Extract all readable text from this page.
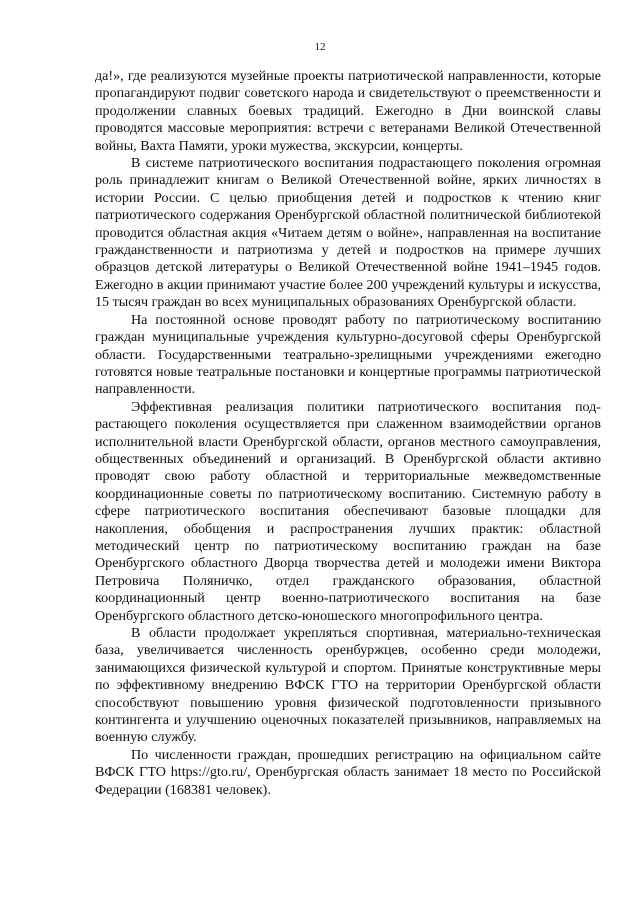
12

да!», где реализуются музейные проекты патриотической направленности, которые пропагандируют подвиг советского народа и свидетельствуют о преемственности и продолжении славных боевых традиций. Ежегодно в Дни воинской славы проводятся массовые мероприятия: встречи с ветеранами Великой Отечественной войны, Вахта Памяти, уроки мужества, экскурсии, концерты.

В системе патриотического воспитания подрастающего поколения огромная роль принадлежит книгам о Великой Отечественной войне, ярких личностях в истории России. С целью приобщения детей и подростков к чтению книг патриотического содержания Оренбургской областной политнической библиотекой проводится областная акция «Читаем детям о войне», направленная на воспитание гражданственности и патриотизма у детей и подростков на примере лучших образцов детской литературы о Великой Отечественной войне 1941–1945 годов. Ежегодно в акции принимают участие более 200 учреждений культуры и искусства, 15 тысяч граждан во всех муниципальных образованиях Оренбургской области.

На постоянной основе проводят работу по патриотическому воспитанию граждан муниципальные учреждения культурно-досуговой сферы Оренбургской области. Государственными театрально-зрелищными учреждениями ежегодно готовятся новые театральные постановки и концертные программы патриотической направленности.

Эффективная реализация политики патриотического воспитания подрастающего поколения осуществляется при слаженном взаимодействии органов исполнительной власти Оренбургской области, органов местного самоуправления, общественных объединений и организаций. В Оренбургской области активно проводят свою работу областной и территориальные межведомственные координационные советы по патриотическому воспитанию. Системную работу в сфере патриотического воспитания обеспечивают базовые площадки для накопления, обобщения и распространения лучших практик: областной методический центр по патриотическому воспитанию граждан на базе Оренбургского областного Дворца творчества детей и молодежи имени Виктора Петровича Поляничко, отдел гражданского образования, областной координационный центр военно-патриотического воспитания на базе Оренбургского областного детско-юношеского многопрофильного центра.

В области продолжает укрепляться спортивная, материально-техническая база, увеличивается численность оренбуржцев, особенно среди молодежи, занимающихся физической культурой и спортом. Принятые конструктивные меры по эффективному внедрению ВФСК ГТО на территории Оренбургской области способствуют повышению уровня физической подготовленности призывного контингента и улучшению оценочных показателей призывников, направляемых на военную службу.

По численности граждан, прошедших регистрацию на официальном сайте ВФСК ГТО https://gto.ru/, Оренбургская область занимает 18 место по Российской Федерации (168381 человек).
